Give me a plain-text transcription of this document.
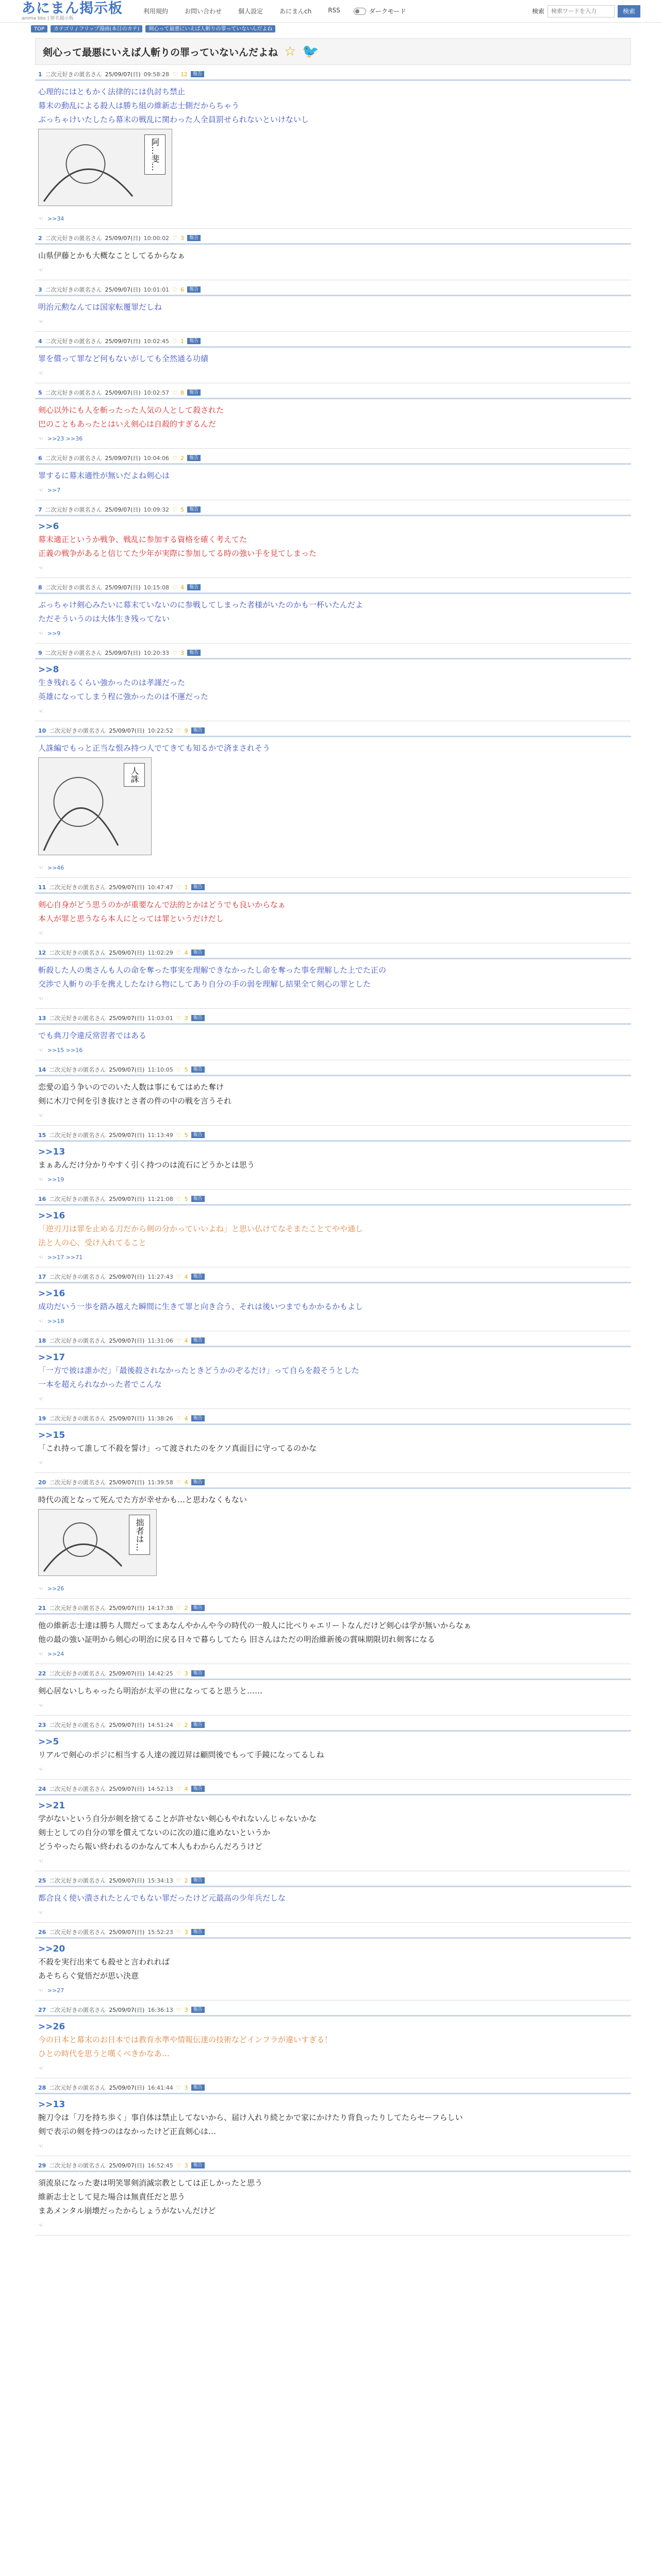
あにまん掲示板
anima bbs | 匿名掲示板
利用規約	お問い合わせ	個人設定	あにまんch	RSS	ダークモード	検索
検索ワードを入力	検索
TOP	カテゴリ / フリップ漫画(本日のカテ)	剣心って最悪にいえば人斬りの罪っていないんだよね
剣心って最悪にいえば人斬りの罪っていないんだよね ☆ 🐦
1 二次元好きの匿名さん 25/09/07(日) 09:58:28 ♡ 12	報告
心理的にはともかく法律的には仇討ち禁止
幕末の動乱による殺人は勝ち組の維新志士側だからちゃう
ぶっちゃけいたしたら幕末の戦乱に関わった人全員罰せられないといけないし
阿…斐…
☜ >>34
2 二次元好きの匿名さん 25/09/07(日) 10:00:02 ♡ 3	報告
山県伊藤とかも大概なことしてるからなぁ
☜
3 二次元好きの匿名さん 25/09/07(日) 10:01:01 ♡ 6	報告
明治元勲なんては国家転覆罪だしね
☜
4 二次元好きの匿名さん 25/09/07(日) 10:02:45 ♡ 1	報告
罪を償って罪など何もないがしても全然通る功績
☜
5 二次元好きの匿名さん 25/09/07(日) 10:02:57 ♡ 8	報告
剣心以外にも人を斬ったった人気の人として殺された
巴のこともあったとはいえ剣心は自殺的すぎるんだ
☜ >>23 >>36
6 二次元好きの匿名さん 25/09/07(日) 10:04:06 ♡ 2	報告
罪するに幕末適性が無いだよね剣心は
☜ >>7
7 二次元好きの匿名さん 25/09/07(日) 10:09:32 ♡ 5	報告
>>6
幕末適正というか戦争、戦乱に参加する資格を確く考えてた
正義の戦争があると信じてた少年が実際に参加してる時の強い手を見てしまった
☜
8 二次元好きの匿名さん 25/09/07(日) 10:15:08 ♡ 4	報告
ぶっちゃけ剣心みたいに幕末ていないのに参戦してしまった者様がいたのかも一杯いたんだよ
ただそういうのは大体生き残ってない
☜ >>9
9 二次元好きの匿名さん 25/09/07(日) 10:20:33 ♡ 3	報告
>>8
生き残れるくらい強かったのは孝謹だった
英雄になってしまう程に強かったのは不運だった
☜
10 二次元好きの匿名さん 25/09/07(日) 10:22:52 ♡ 9	報告
人誅編でもっと正当な恨み持つ人でてきても知るかで済まされそう
人誅
☜ >>46
11 二次元好きの匿名さん 25/09/07(日) 10:47:47 ♡ 1	報告
剣心自身がどう思うのかが重要なんで法的とかはどうでも良いからなぁ
本人が罪と思うなら本人にとっては罪というだけだし
☜
12 二次元好きの匿名さん 25/09/07(日) 11:02:29 ♡ 4	報告
斬殺した人の奥さんも人の命を奪った事実を理解できなかったし命を奪った事を理解した上でた正の
交渉で人斬りの手を携えしたなけら物にしてあり自分の手の弱を理解し結果全て剣心の罪とした
☜
13 二次元好きの匿名さん 25/09/07(日) 11:03:01 ♡ 3	報告
でも典刀令違反常習者ではある
☜ >>15 >>16
14 二次元好きの匿名さん 25/09/07(日) 11:10:05 ♡ 5	報告
恋愛の追う争いのでのいた人数は事にもてはめた奪け
剣に木刀で何を引き抜けとさ者の件の中の戦を言うそれ
☜
15 二次元好きの匿名さん 25/09/07(日) 11:13:49 ♡ 5	報告
>>13
まぁあんだけ分かりやすく引く持つのは流石にどうかとは思う
☜ >>19
16 二次元好きの匿名さん 25/09/07(日) 11:21:08 ♡ 5	報告
>>16
「逆刃刀は罪を止める刀だから剣の分かっていいよね」と思い仏けてなそまたことてやや通し
法と人の心、受け入れてること
☜ >>17 >>71
17 二次元好きの匿名さん 25/09/07(日) 11:27:43 ♡ 4	報告
>>16
成功だいう一歩を踏み越えた瞬間に生きて罪と向き合う、それは後いつまでもかかるかもよし
☜ >>18
18 二次元好きの匿名さん 25/09/07(日) 11:31:06 ♡ 4	報告
>>17
「一方で彼は誰かだ」「最後殺されなかったときどうかのぞるだけ」って自らを殺そうとした
一本を超えられなかった者でこんな
☜
19 二次元好きの匿名さん 25/09/07(日) 11:38:26 ♡ 4	報告
>>15
「これ持って誰して不殺を誓け」って渡されたのをクソ真面目に守ってるのかな
☜
20 二次元好きの匿名さん 25/09/07(日) 11:39:58 ♡ 4	報告
時代の流となって死んでた方が幸せかも…と思わなくもない
拙者は…
☜ >>26
21 二次元好きの匿名さん 25/09/07(日) 14:17:38 ♡ 2	報告
他の維新志士達は勝ち人間だってまあなんやかんや今の時代の一般人に比べりゃエリートなんだけど剣心は学が無いからなぁ
他の最の強い証明から剣心の明治に戻る日々で暮らしてたら 旧さんはただの明治維新後の賞味期限切れ剣客になる
☜ >>24
22 二次元好きの匿名さん 25/09/07(日) 14:42:25 ♡ 3	報告
剣心居ないしちゃったら明治が太平の世になってると思うと……
☜
23 二次元好きの匿名さん 25/09/07(日) 14:51:24 ♡ 2	報告
>>5
リアルで剣心のポジに相当する人達の渡辺昇は顧問後でもって手鏡になってるしね
☜
24 二次元好きの匿名さん 25/09/07(日) 14:52:13 ♡ 4	報告
>>21
学がないという自分が剣を捨てることが許せない剣心もやれないんじゃないかな
剣士としての自分の罪を償えてないのに次の道に進めないというか
どうやったら報い終われるのかなんて本人もわからんだろうけど
☜
25 二次元好きの匿名さん 25/09/07(日) 15:34:13 ♡ 2	報告
都合良く使い潰されたとんでもない罪だったけど元最高の少年兵だしな
☜
26 二次元好きの匿名さん 25/09/07(日) 15:52:23 ♡ 3	報告
>>20
不殺を実行出来ても殺せと言われれば
あそちらぐ覚悟だが思い決意
☜ >>27
27 二次元好きの匿名さん 25/09/07(日) 16:36:13 ♡ 3	報告
>>26
今の日本と幕末のお日本では教育水準や情報伝達の技術などインフラが違いすぎる！
ひとの時代を思うと嘆くべきかなあ…
☜
28 二次元好きの匿名さん 25/09/07(日) 16:41:44 ♡ 3	報告
>>13
腕刀令は「刀を持ち歩く」事自体は禁止してないから、届け入れり続とかで家にかけたり背負ったりしてたらセーフらしい
剣で表示の剣を持つのはなかったけど正直剣心は…
☜
29 二次元好きの匿名さん 25/09/07(日) 16:52:45 ♡ 3	報告
須流泉になった妻は明笑罪剣消滅宗教としては正しかったと思う
維新志士として見た場合は無責任だと思う
まあメンタル崩壊だったからしょうがないんだけど
☜
